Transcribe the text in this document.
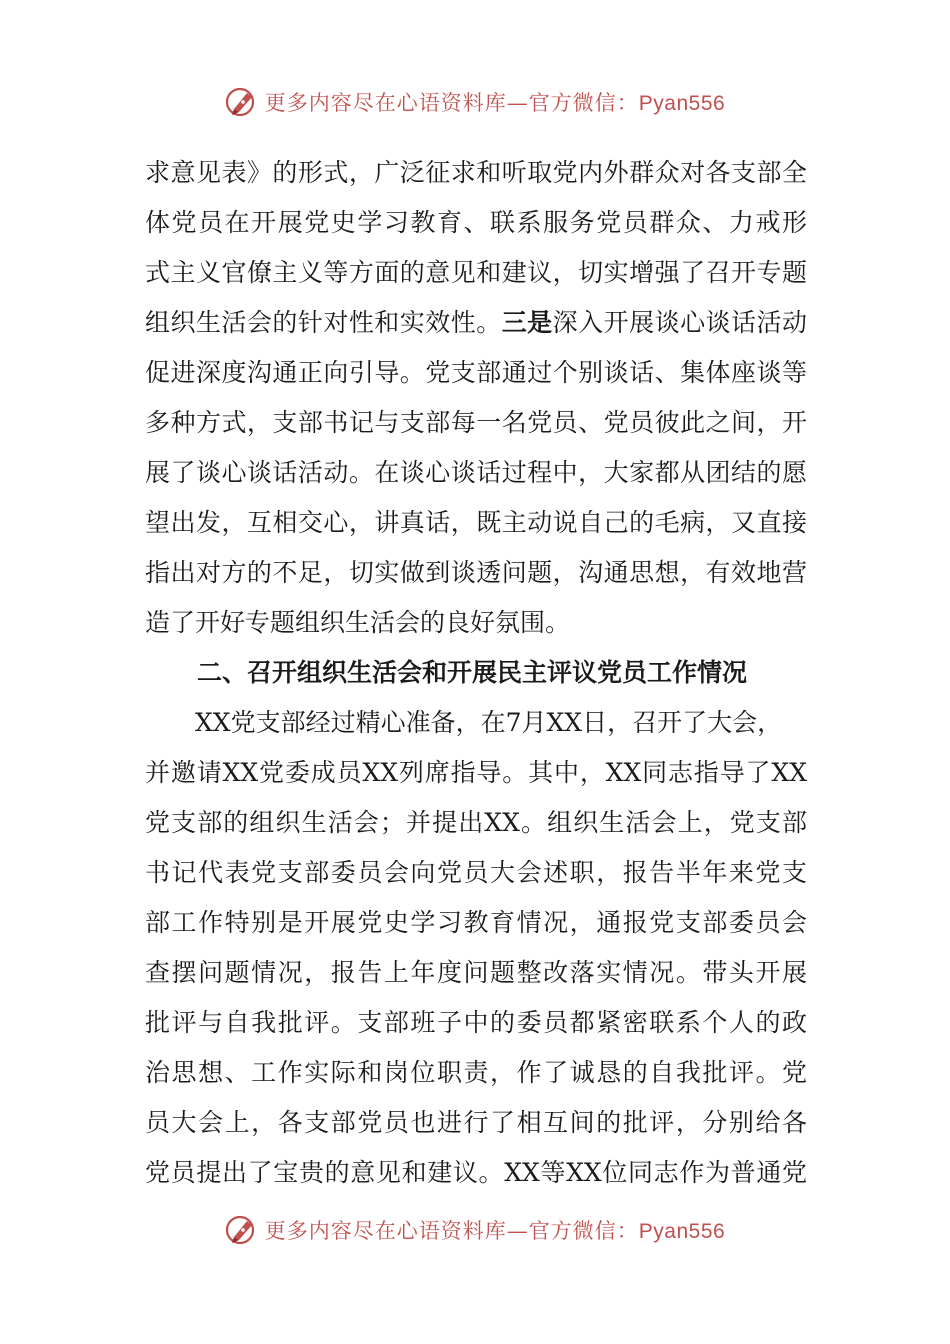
更多内容尽在心语资料库—官方微信：Pyan556
求意见表》的形式，广泛征求和听取党内外群众对各支部全
体党员在开展党史学习教育、联系服务党员群众、力戒形
式主义官僚主义等方面的意见和建议，切实增强了召开专题
组织生活会的针对性和实效性。三是深入开展谈心谈话活动
促进深度沟通正向引导。党支部通过个别谈话、集体座谈等
多种方式，支部书记与支部每一名党员、党员彼此之间，开
展了谈心谈话活动。在谈心谈话过程中，大家都从团结的愿
望出发，互相交心，讲真话，既主动说自己的毛病，又直接
指出对方的不足，切实做到谈透问题，沟通思想，有效地营
造了开好专题组织生活会的良好氛围。
二、召开组织生活会和开展民主评议党员工作情况
XX党支部经过精心准备，在7月XX日，召开了大会，
并邀请XX党委成员XX列席指导。其中，XX同志指导了XX
党支部的组织生活会；并提出XX。组织生活会上，党支部
书记代表党支部委员会向党员大会述职，报告半年来党支
部工作特别是开展党史学习教育情况，通报党支部委员会
查摆问题情况，报告上年度问题整改落实情况。带头开展
批评与自我批评。支部班子中的委员都紧密联系个人的政
治思想、工作实际和岗位职责，作了诚恳的自我批评。党
员大会上，各支部党员也进行了相互间的批评，分别给各
党员提出了宝贵的意见和建议。XX等XX位同志作为普通党
更多内容尽在心语资料库—官方微信：Pyan556
